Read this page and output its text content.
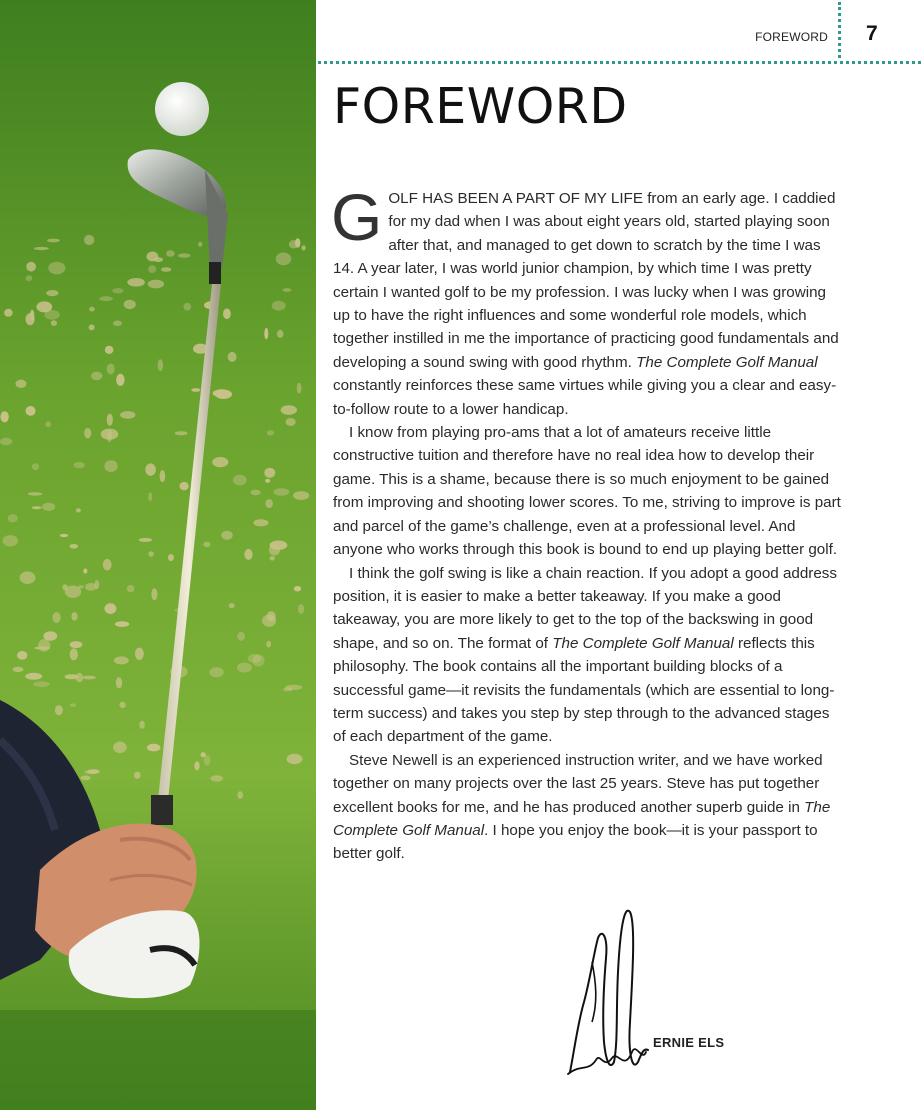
FOREWORD 7
FOREWORD

GOLF HAS BEEN A PART OF MY LIFE from an early age. I caddied for my dad when I was about eight years old, started playing soon after that, and managed to get down to scratch by the time I was 14. A year later, I was world junior champion, by which time I was pretty certain I wanted golf to be my profession. I was lucky when I was growing up to have the right influences and some wonderful role models, which together instilled in me the importance of practicing good fundamentals and developing a sound swing with good rhythm. The Complete Golf Manual constantly reinforces these same virtues while giving you a clear and easy-to-follow route to a lower handicap.

I know from playing pro-ams that a lot of amateurs receive little constructive tuition and therefore have no real idea how to develop their game. This is a shame, because there is so much enjoyment to be gained from improving and shooting lower scores. To me, striving to improve is part and parcel of the game’s challenge, even at a professional level. And anyone who works through this book is bound to end up playing better golf.

I think the golf swing is like a chain reaction. If you adopt a good address position, it is easier to make a better takeaway. If you make a good takeaway, you are more likely to get to the top of the backswing in good shape, and so on. The format of The Complete Golf Manual reflects this philosophy. The book contains all the important building blocks of a successful game—it revisits the fundamentals (which are essential to long-term success) and takes you step by step through to the advanced stages of each department of the game.

Steve Newell is an experienced instruction writer, and we have worked together on many projects over the last 25 years. Steve has put together excellent books for me, and he has produced another superb guide in The Complete Golf Manual. I hope you enjoy the book—it is your passport to better golf.

ERNIE ELS
